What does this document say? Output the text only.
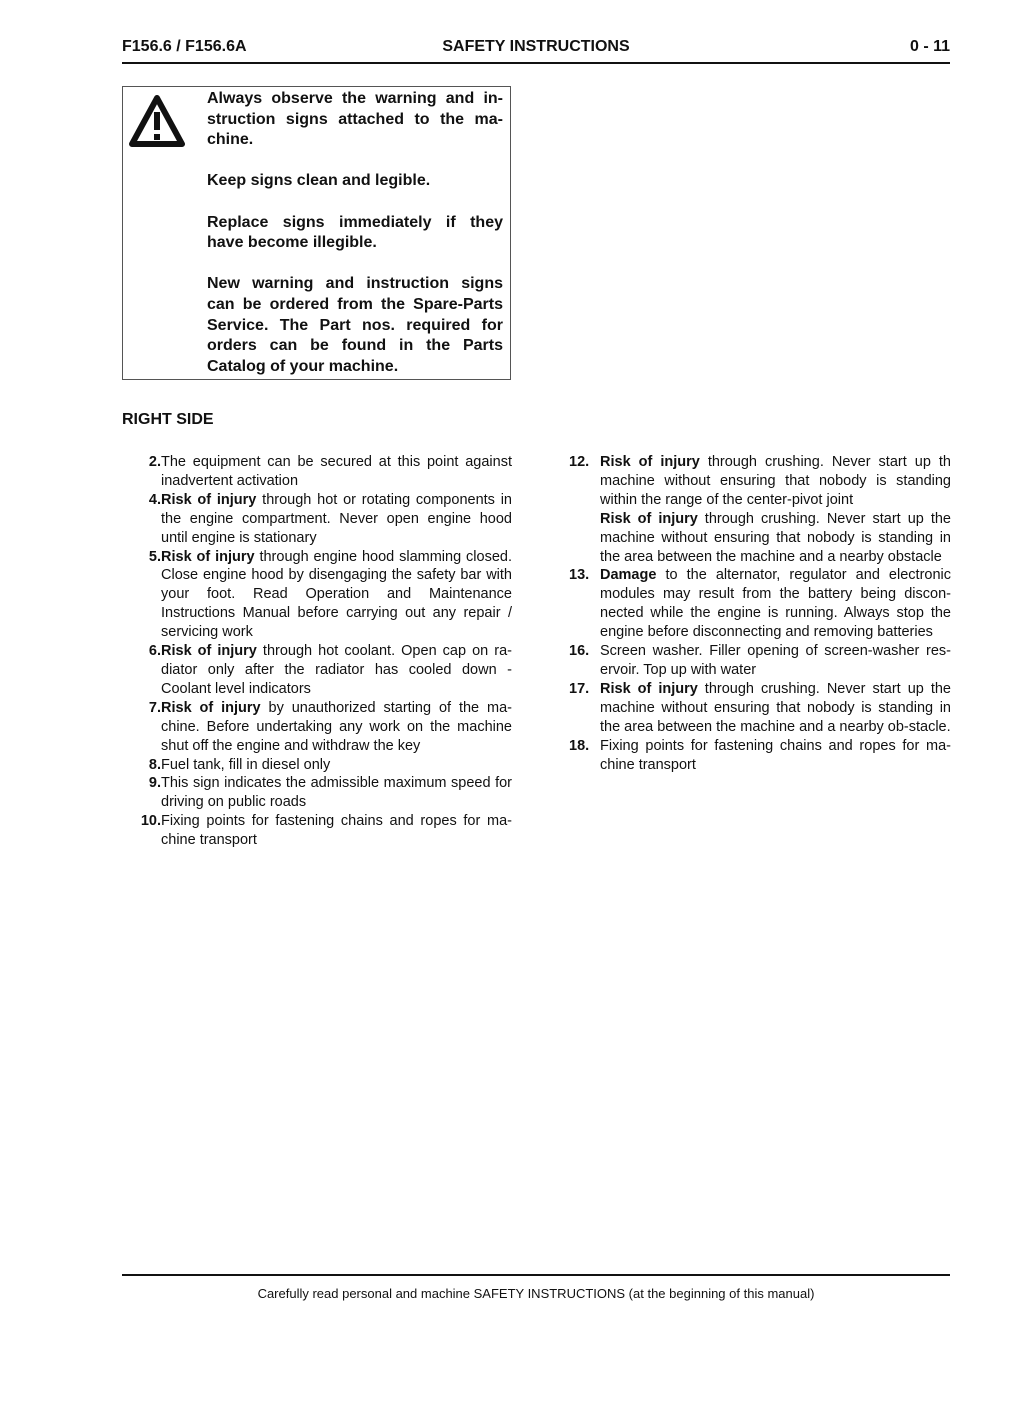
F156.6 / F156.6A	SAFETY INSTRUCTIONS	0 - 11

Always observe the warning and in-struction signs attached to the ma-chine.

Keep signs clean and legible.

Replace signs immediately if they have become illegible.

New warning and instruction signs can be ordered from the Spare-Parts Service. The Part nos. required for orders can be found in the Parts Catalog of your machine.

RIGHT SIDE
2. The equipment can be secured at this point against inadvertent activation
4. Risk of injury through hot or rotating components in the engine compartment. Never open engine hood until engine is stationary
5. Risk of injury through engine hood slamming closed. Close engine hood by disengaging the safety bar with your foot. Read Operation and Maintenance Instructions Manual before carrying out any repair / servicing work
6. Risk of injury through hot coolant. Open cap on ra-diator only after the radiator has cooled down - Coolant level indicators
7. Risk of injury by unauthorized starting of the ma-chine. Before undertaking any work on the machine shut off the engine and withdraw the key
8. Fuel tank, fill in diesel only
9. This sign indicates the admissible maximum speed for driving on public roads
10. Fixing points for fastening chains and ropes for ma-chine transport
12. Risk of injury through crushing. Never start up th machine without ensuring that nobody is standing within the range of the center-pivot joint
Risk of injury through crushing. Never start up the machine without ensuring that nobody is standing in the area between the machine and a nearby obstacle
13. Damage to the alternator, regulator and electronic modules may result from the battery being discon-nected while the engine is running. Always stop the engine before disconnecting and removing batteries
16. Screen washer. Filler opening of screen-washer res-ervoir. Top up with water
17. Risk of injury through crushing. Never start up the machine without ensuring that nobody is standing in the area between the machine and a nearby ob-stacle.
18. Fixing points for fastening chains and ropes for ma-chine transport
Carefully read personal and machine SAFETY INSTRUCTIONS (at the beginning of this manual)
